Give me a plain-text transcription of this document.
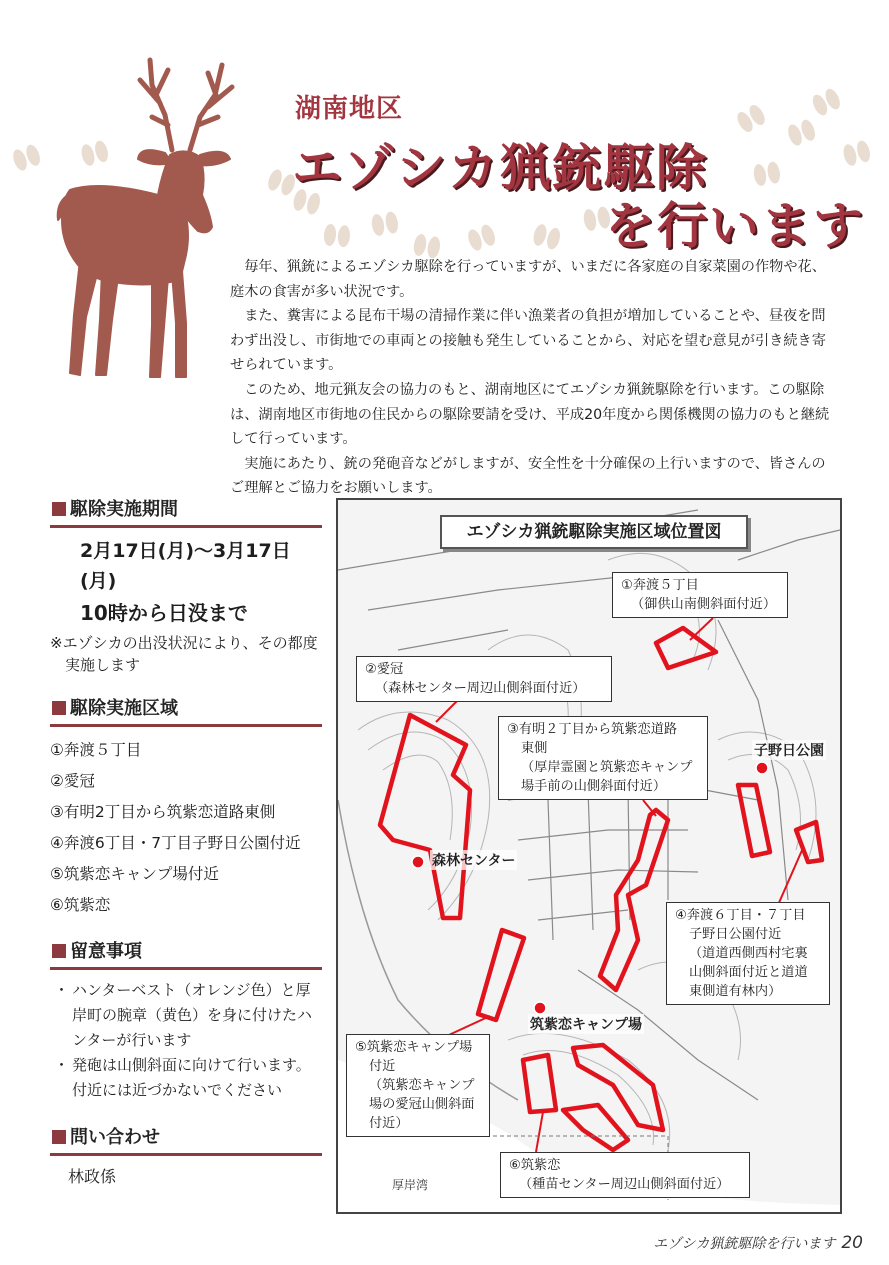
湖南地区
エゾシカ猟銃駆除
を行います

毎年、猟銃によるエゾシカ駆除を行っていますが、いまだに各家庭の自家菜園の作物や花、庭木の食害が多い状況です。

また、糞害による昆布干場の清掃作業に伴い漁業者の負担が増加していることや、昼夜を問わず出没し、市街地での車両との接触も発生していることから、対応を望む意見が引き続き寄せられています。

このため、地元猟友会の協力のもと、湖南地区にてエゾシカ猟銃駆除を行います。この駆除は、湖南地区市街地の住民からの駆除要請を受け、平成20年度から関係機関の協力のもと継続して行っています。

実施にあたり、銃の発砲音などがしますが、安全性を十分確保の上行いますので、皆さんのご理解とご協力をお願いします。

駆除実施期間
2月17日(月)～3月17日(月)
10時から日没まで
※エゾシカの出没状況により、その都度実施します
駆除実施区域
①奔渡５丁目
②愛冠
③有明2丁目から筑紫恋道路東側
④奔渡6丁目・7丁目子野日公園付近
⑤筑紫恋キャンプ場付近
⑥筑紫恋
留意事項

・ ハンターベスト（オレンジ色）と厚岸町の腕章（黄色）を身に付けたハンターが行います

・ 発砲は山側斜面に向けて行います。付近には近づかないでください

問い合わせ
林政係
エゾシカ猟銃駆除実施区域位置図
①奔渡５丁目
（御供山南側斜面付近）
②愛冠
（森林センター周辺山側斜面付近）
③有明２丁目から筑紫恋道路
東側
（厚岸霊園と筑紫恋キャンプ
場手前の山側斜面付近）
④奔渡６丁目・７丁目
子野日公園付近
（道道西側西村宅裏
山側斜面付近と道道
東側道有林内）
⑤筑紫恋キャンプ場
付近
（筑紫恋キャンプ
場の愛冠山側斜面
付近）
⑥筑紫恋
（種苗センター周辺山側斜面付近）
森林センター
子野日公園
筑紫恋キャンプ場
厚岸湾
エゾシカ猟銃駆除を行います 20
